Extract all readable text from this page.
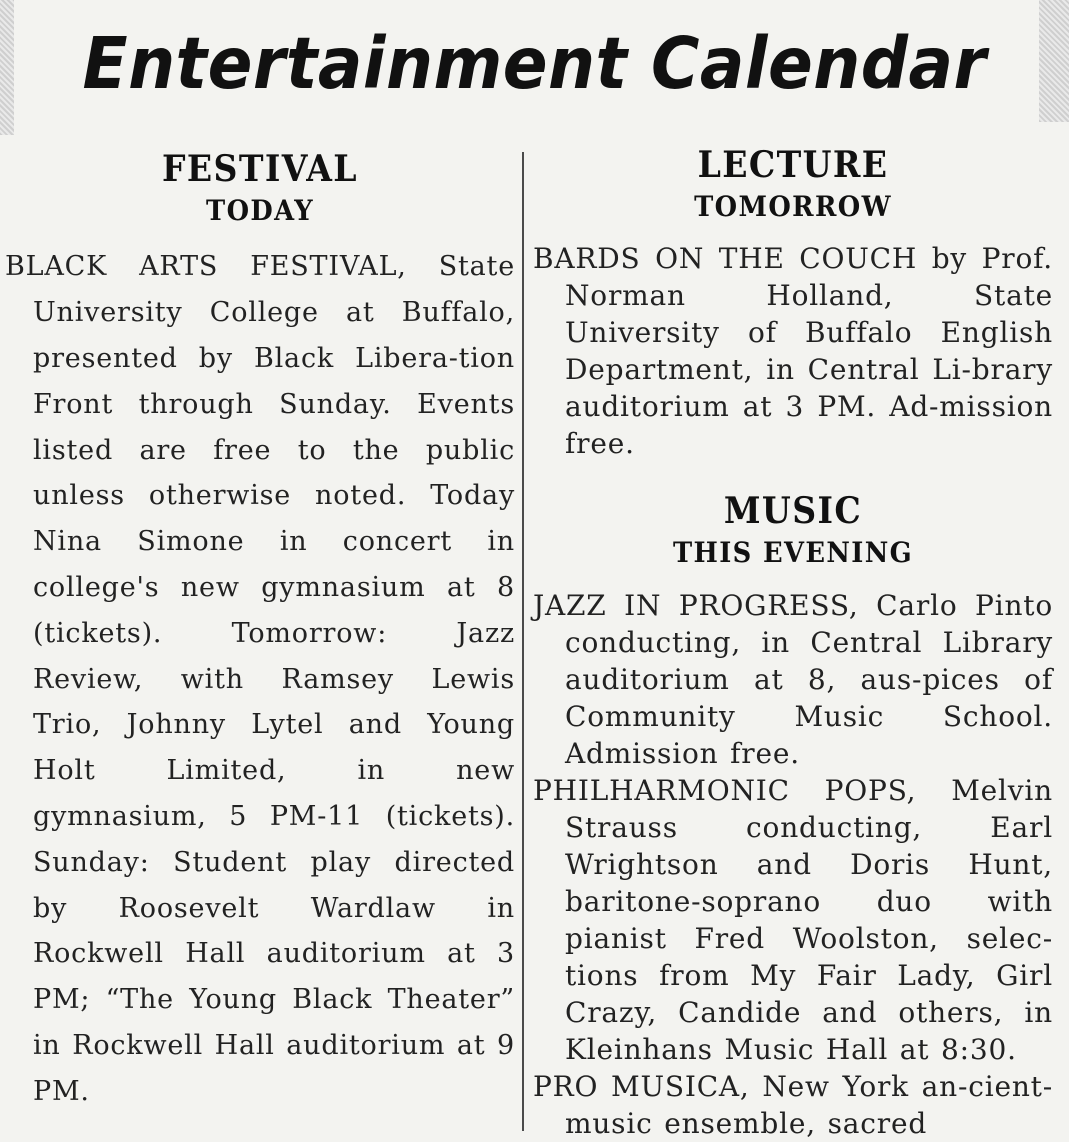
Entertainment Calendar
FESTIVAL
TODAY
BLACK ARTS FESTIVAL, State University College at Buffalo, presented by Black Libera-tion Front through Sunday. Events listed are free to the public unless otherwise noted. Today Nina Simone in concert in college's new gymnasium at 8 (tickets). Tomorrow: Jazz Review, with Ramsey Lewis Trio, Johnny Lytel and Young Holt Limited, in new gymnasium, 5 PM-11 (tickets). Sunday: Student play directed by Roosevelt Wardlaw in Rockwell Hall auditorium at 3 PM; “The Young Black Theater” in Rockwell Hall auditorium at 9 PM.
LECTURE
TOMORROW
BARDS ON THE COUCH by Prof. Norman Holland, State University of Buffalo English Department, in Central Li-brary auditorium at 3 PM. Ad-mission free.
MUSIC
THIS EVENING
JAZZ IN PROGRESS, Carlo Pinto conducting, in Central Library auditorium at 8, aus-pices of Community Music School. Admission free.
PHILHARMONIC POPS, Melvin Strauss conducting, Earl Wrightson and Doris Hunt, baritone-soprano duo with pianist Fred Woolston, selec-tions from My Fair Lady, Girl Crazy, Candide and others, in Kleinhans Music Hall at 8:30.
PRO MUSICA, New York an-cient-music ensemble, sacred
